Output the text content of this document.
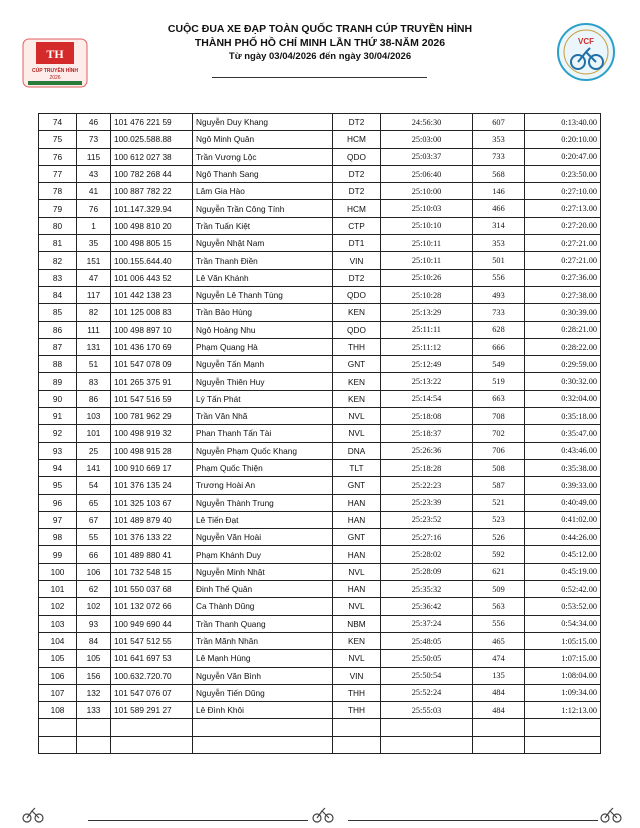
TH
CÚP TRUYỀN HÌNH
2026
CUỘC ĐUA XE ĐẠP TOÀN QUỐC TRANH CÚP TRUYỀN HÌNH
THÀNH PHỐ HỒ CHÍ MINH LẦN THỨ 38-NĂM 2026
Từ ngày 03/04/2026 đến ngày 30/04/2026
VCF
74	46	101 476 221 59	Nguyễn Duy Khang	DT2	24:56:30	607	0:13:40.00
75	73	100.025.588.88	Ngô Minh Quân	HCM	25:03:00	353	0:20:10.00
76	115	100 612 027 38	Trần Vương Lộc	QDO	25:03:37	733	0:20:47.00
77	43	100 782 268 44	Ngô Thanh Sang	DT2	25:06:40	568	0:23:50.00
78	41	100 887 782 22	Lâm Gia Hào	DT2	25:10:00	146	0:27:10.00
79	76	101.147.329.94	Nguyễn Trần Công Tính	HCM	25:10:03	466	0:27:13.00
80	1	100 498 810 20	Trần Tuấn Kiệt	CTP	25:10:10	314	0:27:20.00
81	35	100 498 805 15	Nguyễn Nhật Nam	DT1	25:10:11	353	0:27:21.00
82	151	100.155.644.40	Trần Thanh Điền	VIN	25:10:11	501	0:27:21.00
83	47	101 006 443 52	Lê Văn Khánh	DT2	25:10:26	556	0:27:36.00
84	117	101 442 138 23	Nguyễn Lê Thanh Tùng	QDO	25:10:28	493	0:27:38.00
85	82	101 125 008 83	Trần Bảo Hùng	KEN	25:13:29	733	0:30:39.00
86	111	100 498 897 10	Ngô Hoàng Nhu	QDO	25:11:11	628	0:28:21.00
87	131	101 436 170 69	Phạm Quang Hà	THH	25:11:12	666	0:28:22.00
88	51	101 547 078 09	Nguyễn Tấn Mạnh	GNT	25:12:49	549	0:29:59.00
89	83	101 265 375 91	Nguyễn Thiên Huy	KEN	25:13:22	519	0:30:32.00
90	86	101 547 516 59	Lý Tấn Phát	KEN	25:14:54	663	0:32:04.00
91	103	100 781 962 29	Trần Văn Nhã	NVL	25:18:08	708	0:35:18.00
92	101	100 498 919 32	Phan Thanh Tấn Tài	NVL	25:18:37	702	0:35:47.00
93	25	100 498 915 28	Nguyễn Phạm Quốc Khang	DNA	25:26:36	706	0:43:46.00
94	141	100 910 669 17	Phạm Quốc Thiện	TLT	25:18:28	508	0:35:38.00
95	54	101 376 135 24	Trương Hoài An	GNT	25:22:23	587	0:39:33.00
96	65	101 325 103 67	Nguyễn Thành Trung	HAN	25:23:39	521	0:40:49.00
97	67	101 489 879 40	Lê Tiến Đạt	HAN	25:23:52	523	0:41:02.00
98	55	101 376 133 22	Nguyễn Văn Hoài	GNT	25:27:16	526	0:44:26.00
99	66	101 489 880 41	Phạm Khánh Duy	HAN	25:28:02	592	0:45:12.00
100	106	101 732 548 15	Nguyễn Minh Nhật	NVL	25:28:09	621	0:45:19.00
101	62	101 550 037 68	Đinh Thế Quân	HAN	25:35:32	509	0:52:42.00
102	102	101 132 072 66	Ca Thành Dũng	NVL	25:36:42	563	0:53:52.00
103	93	100 949 690 44	Trần Thanh Quang	NBM	25:37:24	556	0:54:34.00
104	84	101 547 512 55	Trần Mãnh Nhân	KEN	25:48:05	465	1:05:15.00
105	105	101 641 697 53	Lê Mạnh Hùng	NVL	25:50:05	474	1:07:15.00
106	156	100.632.720.70	Nguyễn Văn Bình	VIN	25:50:54	135	1:08:04.00
107	132	101 547 076 07	Nguyễn Tiến Dũng	THH	25:52:24	484	1:09:34.00
108	133	101 589 291 27	Lê Đình Khôi	THH	25:55:03	484	1:12:13.00
